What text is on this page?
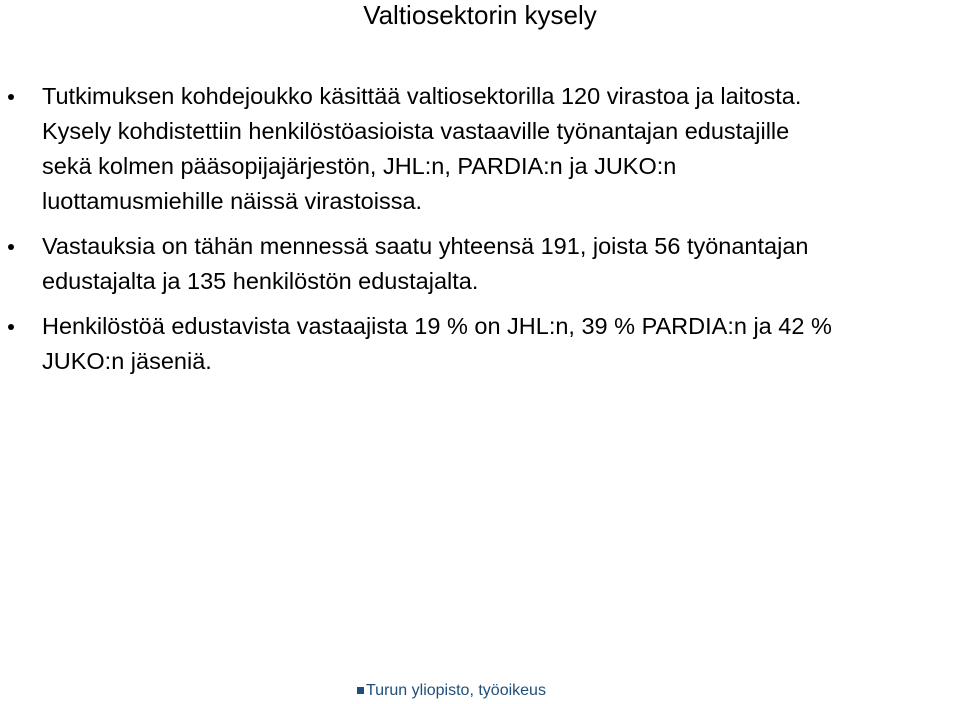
Valtiosektorin kysely
Tutkimuksen kohdejoukko käsittää valtiosektorilla 120 virastoa ja laitosta.
Kysely kohdistettiin henkilöstöasioista vastaaville työnantajan edustajille
sekä kolmen pääsopijajärjestön, JHL:n, PARDIA:n ja JUKO:n
luottamusmiehille näissä virastoissa.
Vastauksia on tähän mennessä saatu yhteensä 191, joista 56 työnantajan
edustajalta ja 135 henkilöstön edustajalta.
Henkilöstöä edustavista vastaajista 19 % on JHL:n, 39 % PARDIA:n ja 42 %
JUKO:n jäseniä.
Turun yliopisto, työoikeus
